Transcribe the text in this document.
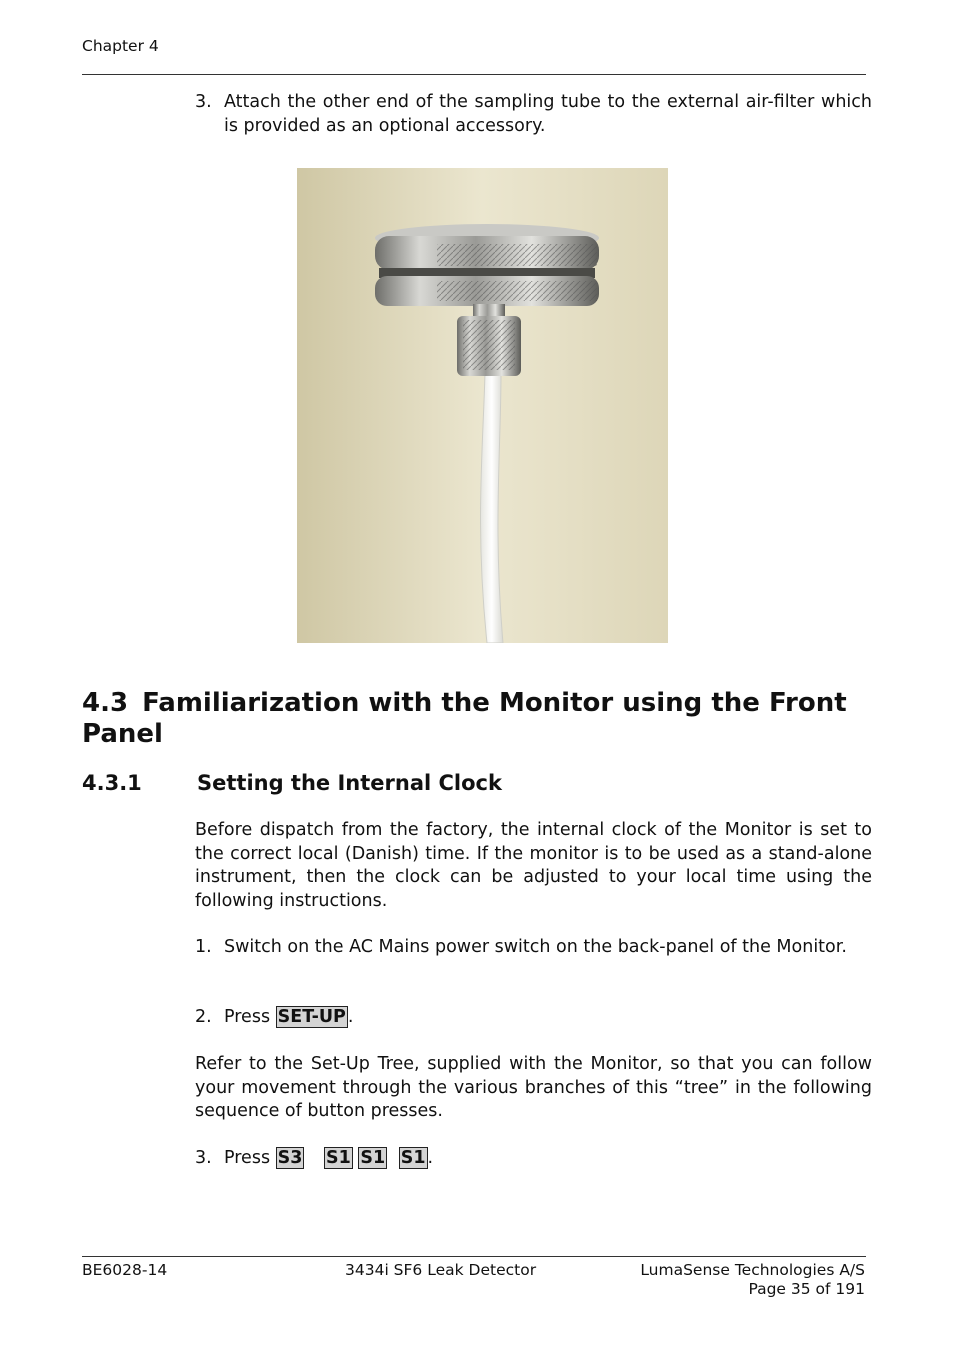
Chapter 4
3. Attach the other end of the sampling tube to the external air-filter which is provided as an optional accessory.
4.3 Familiarization with the Monitor using the Front Panel
4.3.1	Setting the Internal Clock
Before dispatch from the factory, the internal clock of the Monitor is set to the correct local (Danish) time. If the monitor is to be used as a stand-alone instrument, then the clock can be adjusted to your local time using the following instructions.
1. Switch on the AC Mains power switch on the back-panel of the Monitor.
2. Press SET-UP .
Refer to the Set-Up Tree, supplied with the Monitor, so that you can follow your movement through the various branches of this “tree” in the following sequence of button presses.
3. Press S3 S1 S1 S1 .
BE6028-14	3434i SF6 Leak Detector	LumaSense Technologies A/S
Page 35 of 191
